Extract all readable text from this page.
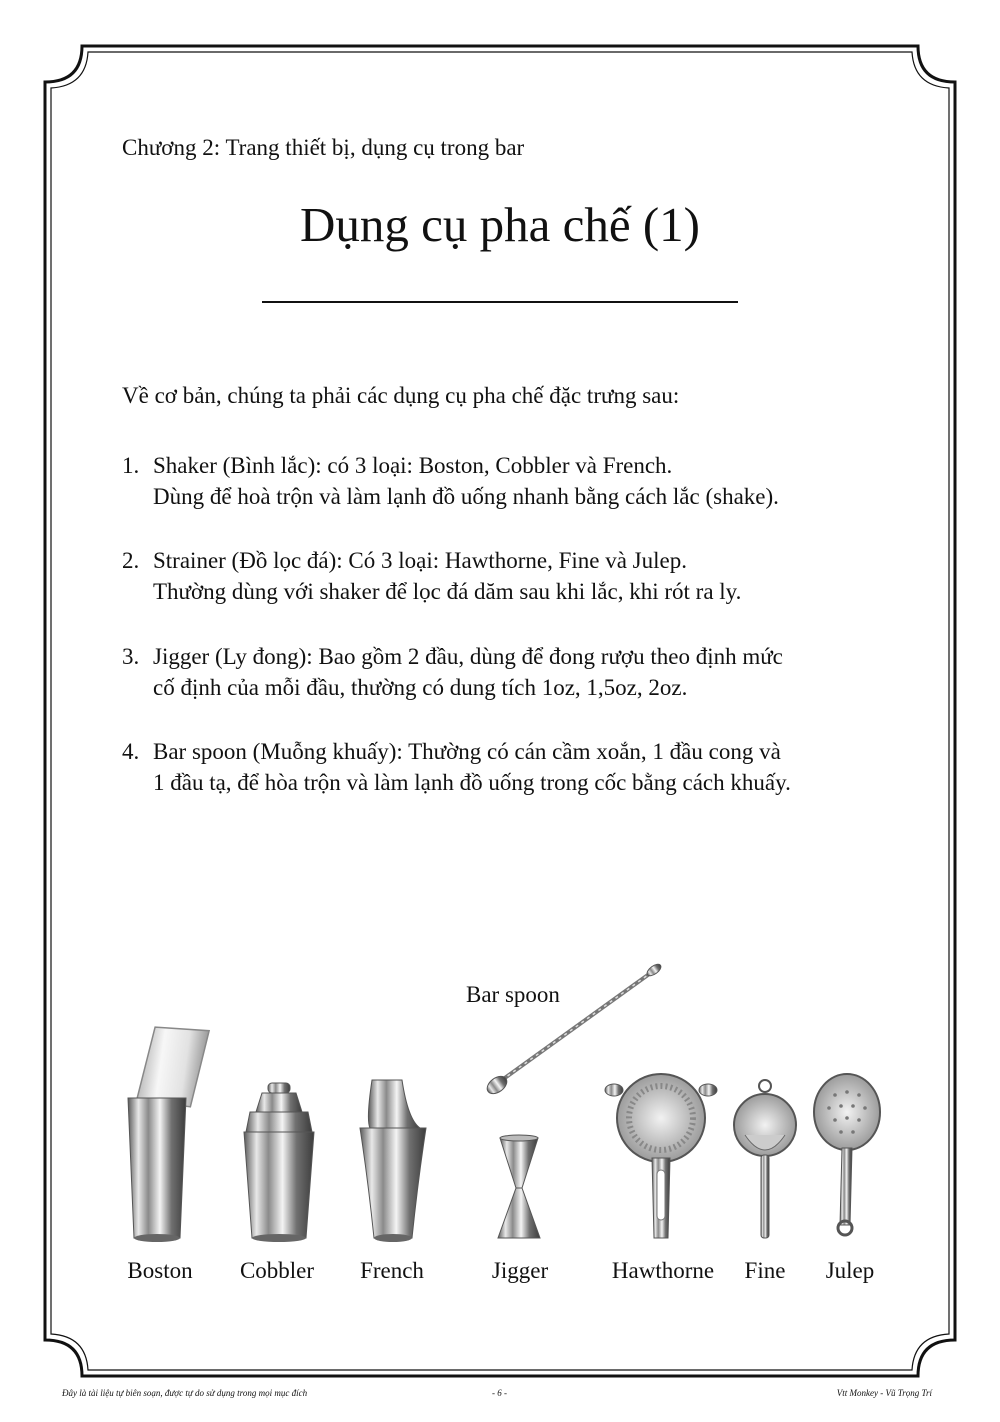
Chương 2: Trang thiết bị, dụng cụ trong bar
Dụng cụ pha chế (1)
Về cơ bản, chúng ta phải các dụng cụ pha chế đặc trưng sau:
1. Shaker (Bình lắc): có 3 loại: Boston, Cobbler và French.
Dùng để hoà trộn và làm lạnh đồ uống nhanh bằng cách lắc (shake).
2. Strainer (Đồ lọc đá): Có 3 loại: Hawthorne, Fine và Julep.
Thường dùng với shaker để lọc đá dăm sau khi lắc, khi rót ra ly.
3. Jigger (Ly đong): Bao gồm 2 đầu, dùng để đong rượu theo định mức
cố định của mỗi đầu, thường có dung tích 1oz, 1,5oz, 2oz.
4. Bar spoon (Muỗng khuấy): Thường có cán cầm xoắn, 1 đầu cong và
1 đầu tạ, để hòa trộn và làm lạnh đồ uống trong cốc bằng cách khuấy.
Bar spoon
Boston Cobbler French	Jigger	Hawthorne Fine Julep
Đây là tài liệu tự biên soạn, được tự do sử dụng trong mọi mục đích	- 6 -	Vtt Monkey - Vũ Trọng Trí
